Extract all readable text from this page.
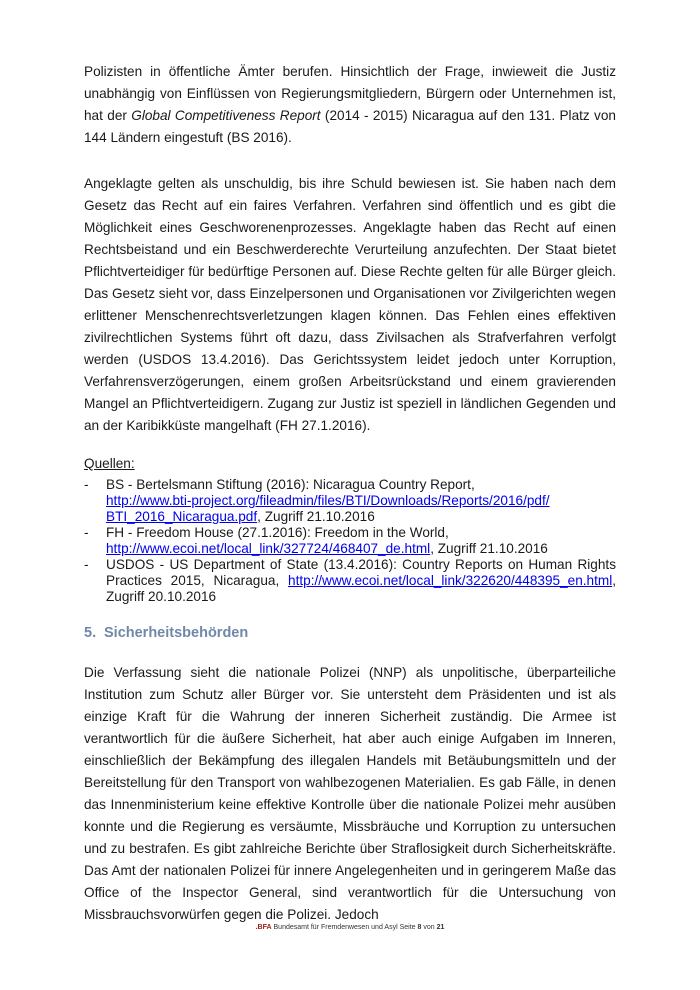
Polizisten in öffentliche Ämter berufen. Hinsichtlich der Frage, inwieweit die Justiz unabhängig von Einflüssen von Regierungsmitgliedern, Bürgern oder Unternehmen ist, hat der Global Competitiveness Report (2014 - 2015) Nicaragua auf den 131. Platz von 144 Ländern eingestuft (BS 2016).

Angeklagte gelten als unschuldig, bis ihre Schuld bewiesen ist. Sie haben nach dem Gesetz das Recht auf ein faires Verfahren. Verfahren sind öffentlich und es gibt die Möglichkeit eines Geschworenenprozesses. Angeklagte haben das Recht auf einen Rechtsbeistand und ein Beschwerderechte Verurteilung anzufechten. Der Staat bietet Pflichtverteidiger für bedürftige Personen auf. Diese Rechte gelten für alle Bürger gleich. Das Gesetz sieht vor, dass Einzelpersonen und Organisationen vor Zivilgerichten wegen erlittener Menschenrechtsverletzungen klagen können. Das Fehlen eines effektiven zivilrechtlichen Systems führt oft dazu, dass Zivilsachen als Strafverfahren verfolgt werden (USDOS 13.4.2016). Das Gerichtssystem leidet jedoch unter Korruption, Verfahrensverzögerungen, einem großen Arbeitsrückstand und einem gravierenden Mangel an Pflichtverteidigern. Zugang zur Justiz ist speziell in ländlichen Gegenden und an der Karibikküste mangelhaft (FH 27.1.2016).

Quellen:

- BS - Bertelsmann Stiftung (2016): Nicaragua Country Report,
http://www.bti-project.org/fileadmin/files/BTI/Downloads/Reports/2016/pdf/ BTI_2016_Nicaragua.pdf, Zugriff 21.10.2016
- FH - Freedom House (27.1.2016): Freedom in the World,
http://www.ecoi.net/local_link/327724/468407_de.html, Zugriff 21.10.2016
- USDOS - US Department of State (13.4.2016): Country Reports on Human Rights Practices 2015, Nicaragua, http://www.ecoi.net/local_link/322620/448395_en.html, Zugriff 20.10.2016
5. Sicherheitsbehörden

Die Verfassung sieht die nationale Polizei (NNP) als unpolitische, überparteiliche Institution zum Schutz aller Bürger vor. Sie untersteht dem Präsidenten und ist als einzige Kraft für die Wahrung der inneren Sicherheit zuständig. Die Armee ist verantwortlich für die äußere Sicherheit, hat aber auch einige Aufgaben im Inneren, einschließlich der Bekämpfung des illegalen Handels mit Betäubungsmitteln und der Bereitstellung für den Transport von wahlbezogenen Materialien. Es gab Fälle, in denen das Innenministerium keine effektive Kontrolle über die nationale Polizei mehr ausüben konnte und die Regierung es versäumte, Missbräuche und Korruption zu untersuchen und zu bestrafen. Es gibt zahlreiche Berichte über Straflosigkeit durch Sicherheitskräfte. Das Amt der nationalen Polizei für innere Angelegenheiten und in geringerem Maße das Office of the Inspector General, sind verantwortlich für die Untersuchung von Missbrauchsvorwürfen gegen die Polizei. Jedoch

.BFA Bundesamt für Fremdenwesen und Asyl Seite 8 von 21
